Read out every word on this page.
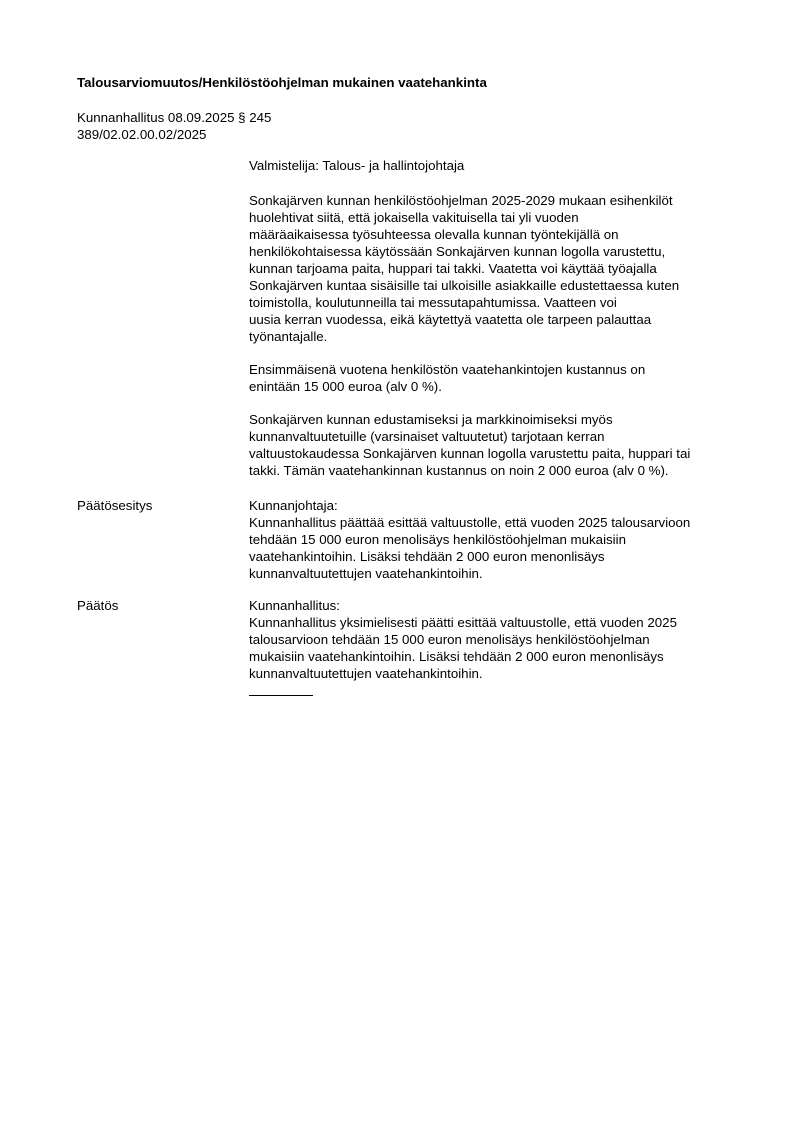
Talousarviomuutos/Henkilöstöohjelman mukainen vaatehankinta
Kunnanhallitus 08.09.2025 § 245
389/02.02.00.02/2025
Valmistelija: Talous- ja hallintojohtaja
Sonkajärven kunnan henkilöstöohjelman 2025-2029 mukaan esihenkilöt
huolehtivat siitä, että jokaisella vakituisella tai yli vuoden
määräaikaisessa työsuhteessa olevalla kunnan työntekijällä on
henkilökohtaisessa käytössään Sonkajärven kunnan logolla varustettu,
kunnan tarjoama paita, huppari tai takki. Vaatetta voi käyttää työajalla
Sonkajärven kuntaa sisäisille tai ulkoisille asiakkaille edustettaessa kuten
toimistolla, koulutunneilla tai messutapahtumissa. Vaatteen voi
uusia kerran vuodessa, eikä käytettyä vaatetta ole tarpeen palauttaa
työnantajalle.
Ensimmäisenä vuotena henkilöstön vaatehankintojen kustannus on
enintään 15 000 euroa (alv 0 %).
Sonkajärven kunnan edustamiseksi ja markkinoimiseksi myös
kunnanvaltuutetuille (varsinaiset valtuutetut) tarjotaan kerran
valtuustokaudessa Sonkajärven kunnan logolla varustettu paita, huppari tai
takki. Tämän vaatehankinnan kustannus on noin 2 000 euroa (alv 0 %).
Päätösesitys	Kunnanjohtaja:
Kunnanhallitus päättää esittää valtuustolle, että vuoden 2025 talousarvioon
tehdään 15 000 euron menolisäys henkilöstöohjelman mukaisiin
vaatehankintoihin. Lisäksi tehdään 2 000 euron menonlisäys
kunnanvaltuutettujen vaatehankintoihin.
Päätös	Kunnanhallitus:
Kunnanhallitus yksimielisesti päätti esittää valtuustolle, että vuoden 2025
talousarvioon tehdään 15 000 euron menolisäys henkilöstöohjelman
mukaisiin vaatehankintoihin. Lisäksi tehdään 2 000 euron menonlisäys
kunnanvaltuutettujen vaatehankintoihin.
